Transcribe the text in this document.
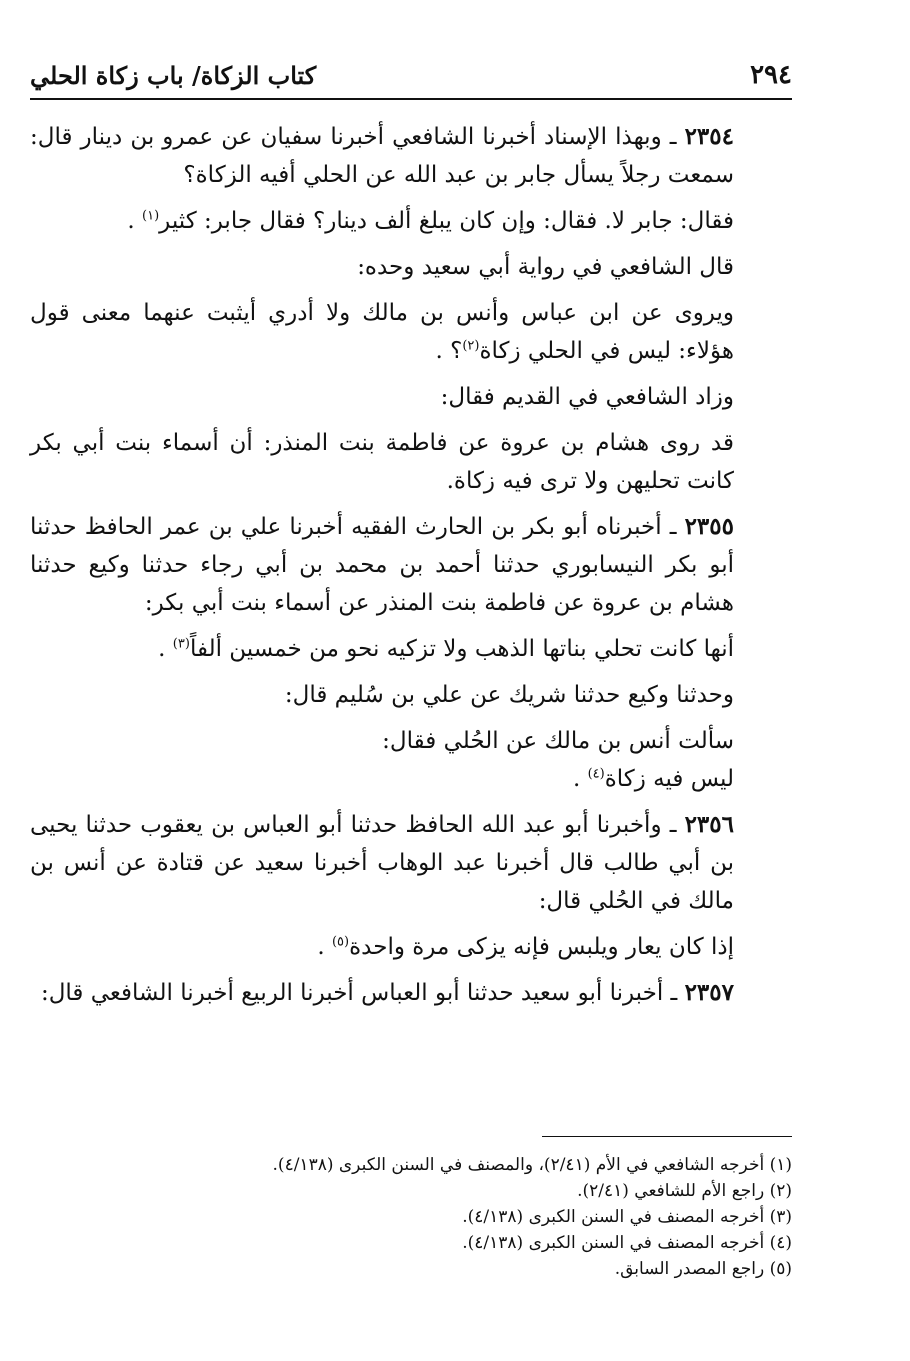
٢٩٤
كتاب الزكاة/ باب زكاة الحلي

٢٣٥٤ ـ وبهذا الإسناد أخبرنا الشافعي أخبرنا سفيان عن عمرو بن دينار قال: سمعت رجلاً يسأل جابر بن عبد الله عن الحلي أفيه الزكاة؟

فقال: جابر لا. فقال: وإن كان يبلغ ألف دينار؟ فقال جابر: كثير$^{(١)}$ .

قال الشافعي في رواية أبي سعيد وحده:

ويروى عن ابن عباس وأنس بن مالك ولا أدري أيثبت عنهما معنى قول هؤلاء: ليس في الحلي زكاة$^{(٢)}$؟ .

وزاد الشافعي في القديم فقال:

قد روى هشام بن عروة عن فاطمة بنت المنذر: أن أسماء بنت أبي بكر كانت تحليهن ولا ترى فيه زكاة.

٢٣٥٥ ـ أخبرناه أبو بكر بن الحارث الفقيه أخبرنا علي بن عمر الحافظ حدثنا أبو بكر النيسابوري حدثنا أحمد بن محمد بن أبي رجاء حدثنا وكيع حدثنا هشام بن عروة عن فاطمة بنت المنذر عن أسماء بنت أبي بكر:

أنها كانت تحلي بناتها الذهب ولا تزكيه نحو من خمسين ألفاً$^{(٣)}$ .

وحدثنا وكيع حدثنا شريك عن علي بن سُليم قال:

سألت أنس بن مالك عن الحُلي فقال:

ليس فيه زكاة$^{(٤)}$ .

٢٣٥٦ ـ وأخبرنا أبو عبد الله الحافظ حدثنا أبو العباس بن يعقوب حدثنا يحيى بن أبي طالب قال أخبرنا عبد الوهاب أخبرنا سعيد عن قتادة عن أنس بن مالك في الحُلي قال:

إذا كان يعار ويلبس فإنه يزكى مرة واحدة$^{(٥)}$ .

٢٣٥٧ ـ أخبرنا أبو سعيد حدثنا أبو العباس أخبرنا الربيع أخبرنا الشافعي قال:

(١) أخرجه الشافعي في الأم (٢/٤١)، والمصنف في السنن الكبرى (٤/١٣٨).

(٢) راجع الأم للشافعي (٢/٤١).

(٣) أخرجه المصنف في السنن الكبرى (٤/١٣٨).

(٤) أخرجه المصنف في السنن الكبرى (٤/١٣٨).

(٥) راجع المصدر السابق.
